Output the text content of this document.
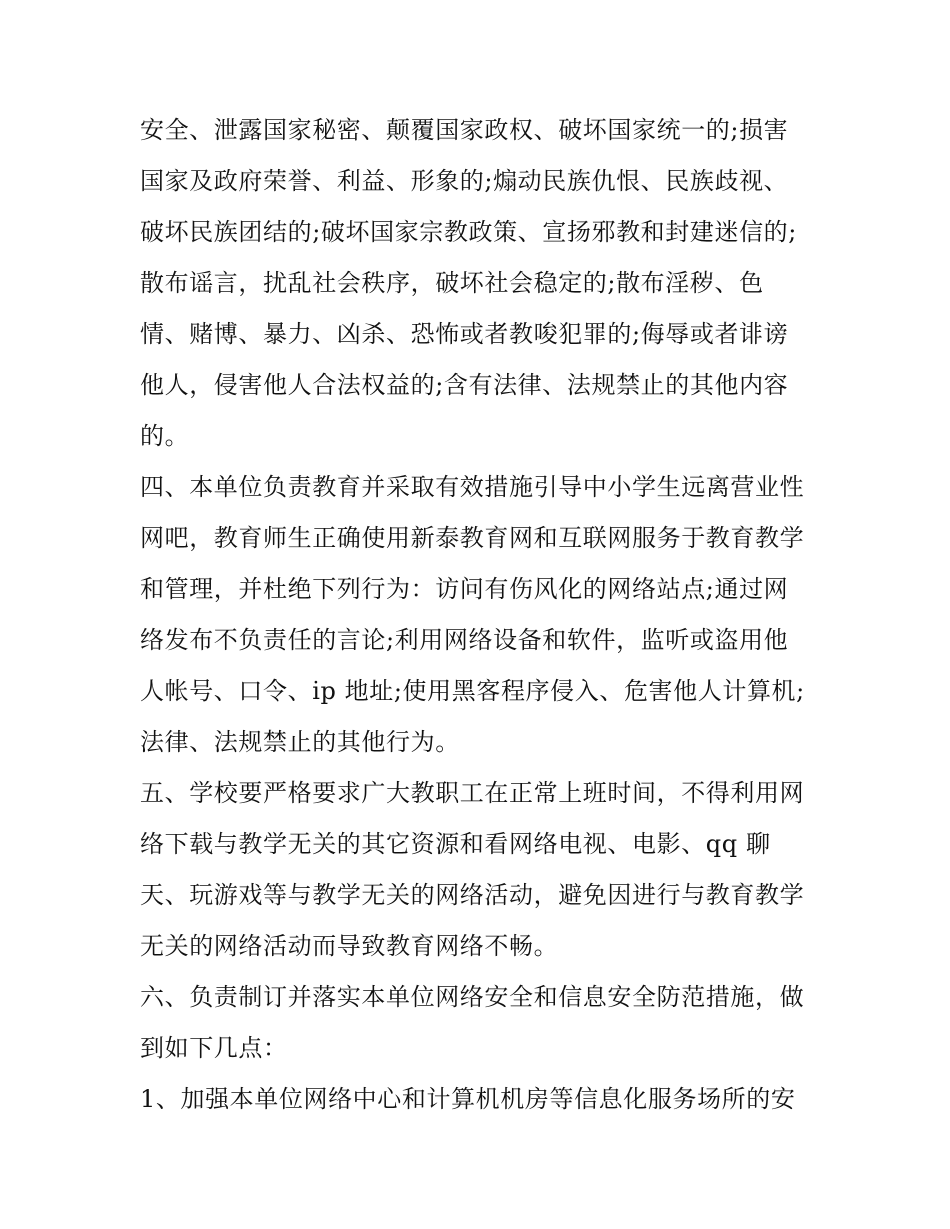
安全、泄露国家秘密、颠覆国家政权、破坏国家统一的;损害
国家及政府荣誉、利益、形象的;煽动民族仇恨、民族歧视、
破坏民族团结的;破坏国家宗教政策、宣扬邪教和封建迷信的;
散布谣言，扰乱社会秩序，破坏社会稳定的;散布淫秽、色
情、赌博、暴力、凶杀、恐怖或者教唆犯罪的;侮辱或者诽谤
他人，侵害他人合法权益的;含有法律、法规禁止的其他内容
的。
四、本单位负责教育并采取有效措施引导中小学生远离营业性
网吧，教育师生正确使用新泰教育网和互联网服务于教育教学
和管理，并杜绝下列行为：访问有伤风化的网络站点;通过网
络发布不负责任的言论;利用网络设备和软件，监听或盗用他
人帐号、口令、ip 地址;使用黑客程序侵入、危害他人计算机;
法律、法规禁止的其他行为。
五、学校要严格要求广大教职工在正常上班时间，不得利用网
络下载与教学无关的其它资源和看网络电视、电影、qq 聊
天、玩游戏等与教学无关的网络活动，避免因进行与教育教学
无关的网络活动而导致教育网络不畅。
六、负责制订并落实本单位网络安全和信息安全防范措施，做
到如下几点：
1、加强本单位网络中心和计算机机房等信息化服务场所的安
